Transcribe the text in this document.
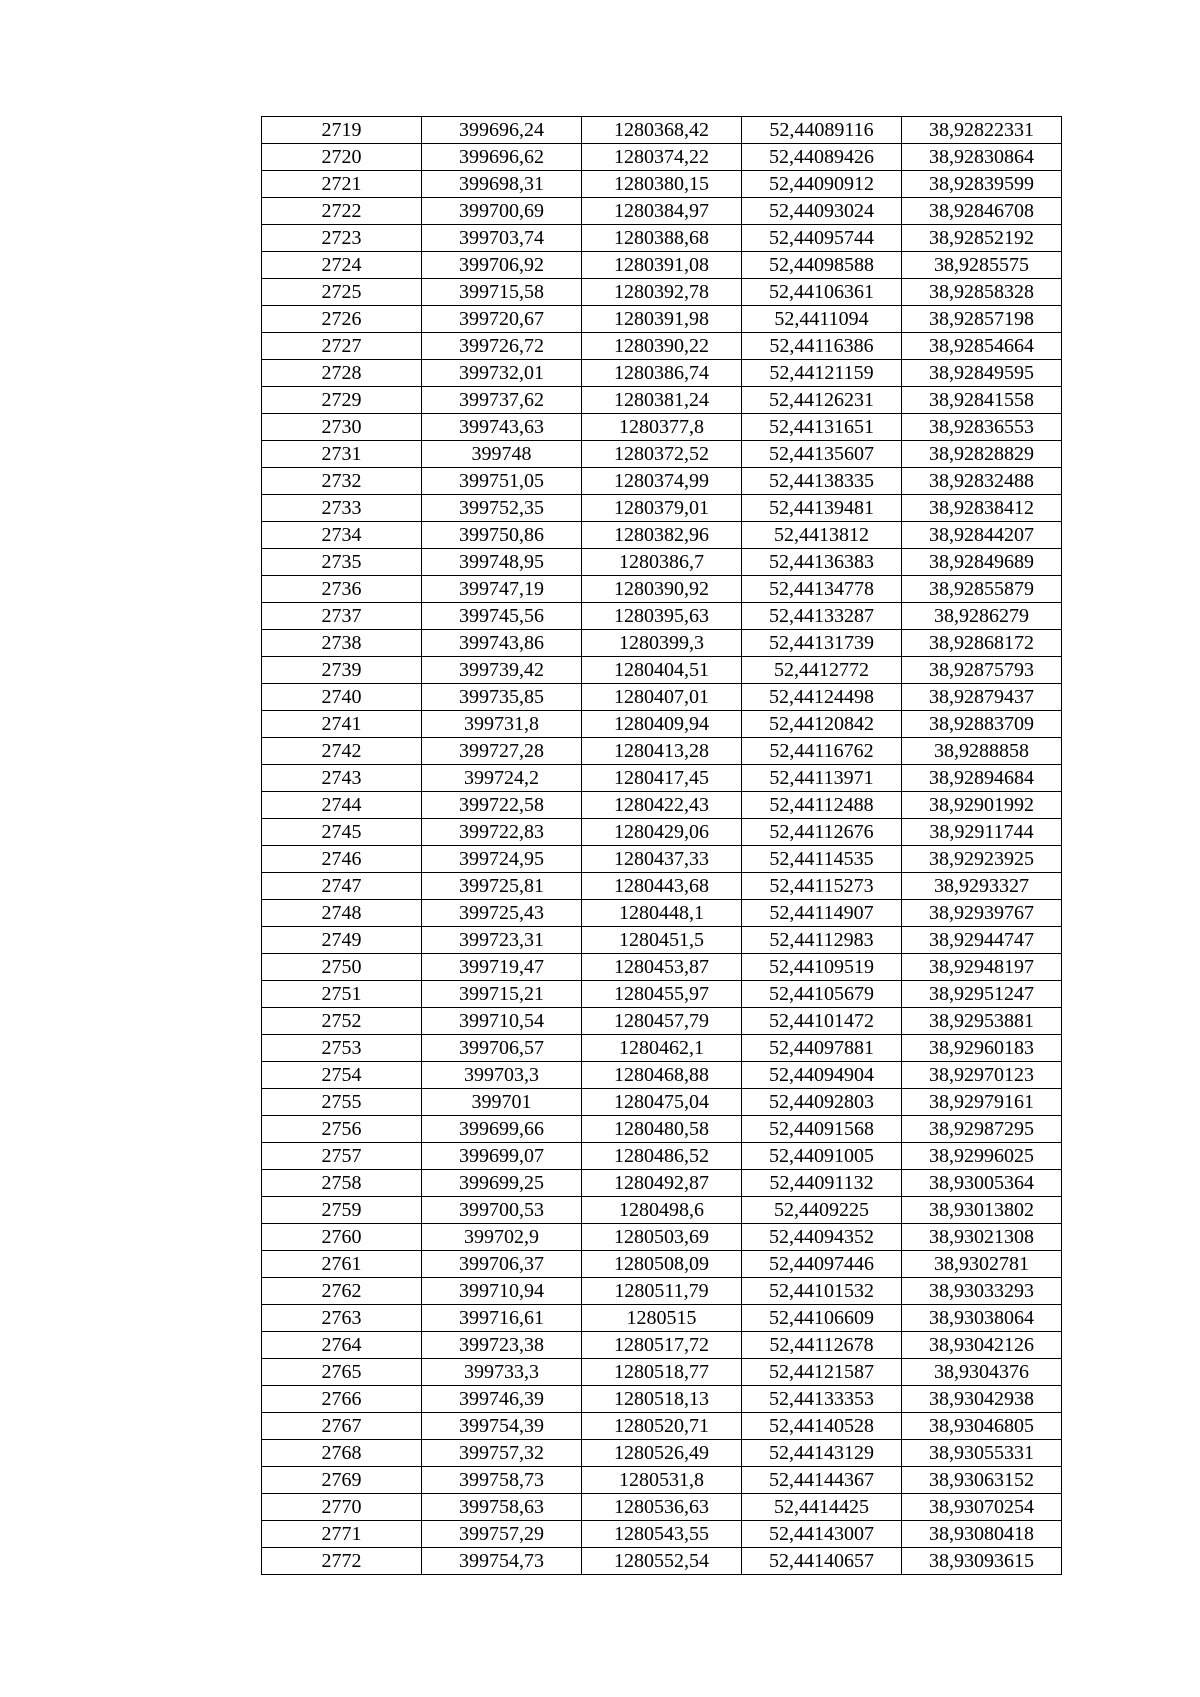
2719	399696,24	1280368,42	52,44089116	38,92822331
2720	399696,62	1280374,22	52,44089426	38,92830864
2721	399698,31	1280380,15	52,44090912	38,92839599
2722	399700,69	1280384,97	52,44093024	38,92846708
2723	399703,74	1280388,68	52,44095744	38,92852192
2724	399706,92	1280391,08	52,44098588	38,9285575
2725	399715,58	1280392,78	52,44106361	38,92858328
2726	399720,67	1280391,98	52,4411094	38,92857198
2727	399726,72	1280390,22	52,44116386	38,92854664
2728	399732,01	1280386,74	52,44121159	38,92849595
2729	399737,62	1280381,24	52,44126231	38,92841558
2730	399743,63	1280377,8	52,44131651	38,92836553
2731	399748	1280372,52	52,44135607	38,92828829
2732	399751,05	1280374,99	52,44138335	38,92832488
2733	399752,35	1280379,01	52,44139481	38,92838412
2734	399750,86	1280382,96	52,4413812	38,92844207
2735	399748,95	1280386,7	52,44136383	38,92849689
2736	399747,19	1280390,92	52,44134778	38,92855879
2737	399745,56	1280395,63	52,44133287	38,9286279
2738	399743,86	1280399,3	52,44131739	38,92868172
2739	399739,42	1280404,51	52,4412772	38,92875793
2740	399735,85	1280407,01	52,44124498	38,92879437
2741	399731,8	1280409,94	52,44120842	38,92883709
2742	399727,28	1280413,28	52,44116762	38,9288858
2743	399724,2	1280417,45	52,44113971	38,92894684
2744	399722,58	1280422,43	52,44112488	38,92901992
2745	399722,83	1280429,06	52,44112676	38,92911744
2746	399724,95	1280437,33	52,44114535	38,92923925
2747	399725,81	1280443,68	52,44115273	38,9293327
2748	399725,43	1280448,1	52,44114907	38,92939767
2749	399723,31	1280451,5	52,44112983	38,92944747
2750	399719,47	1280453,87	52,44109519	38,92948197
2751	399715,21	1280455,97	52,44105679	38,92951247
2752	399710,54	1280457,79	52,44101472	38,92953881
2753	399706,57	1280462,1	52,44097881	38,92960183
2754	399703,3	1280468,88	52,44094904	38,92970123
2755	399701	1280475,04	52,44092803	38,92979161
2756	399699,66	1280480,58	52,44091568	38,92987295
2757	399699,07	1280486,52	52,44091005	38,92996025
2758	399699,25	1280492,87	52,44091132	38,93005364
2759	399700,53	1280498,6	52,4409225	38,93013802
2760	399702,9	1280503,69	52,44094352	38,93021308
2761	399706,37	1280508,09	52,44097446	38,9302781
2762	399710,94	1280511,79	52,44101532	38,93033293
2763	399716,61	1280515	52,44106609	38,93038064
2764	399723,38	1280517,72	52,44112678	38,93042126
2765	399733,3	1280518,77	52,44121587	38,9304376
2766	399746,39	1280518,13	52,44133353	38,93042938
2767	399754,39	1280520,71	52,44140528	38,93046805
2768	399757,32	1280526,49	52,44143129	38,93055331
2769	399758,73	1280531,8	52,44144367	38,93063152
2770	399758,63	1280536,63	52,4414425	38,93070254
2771	399757,29	1280543,55	52,44143007	38,93080418
2772	399754,73	1280552,54	52,44140657	38,93093615
